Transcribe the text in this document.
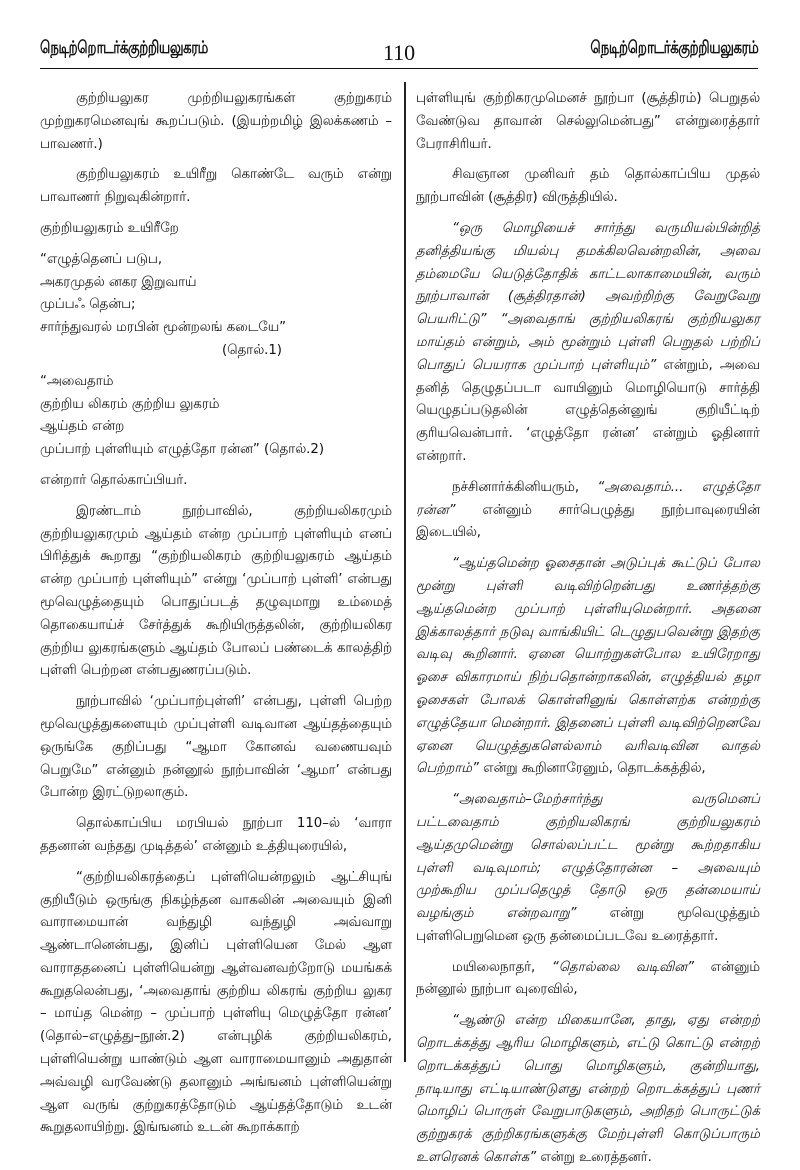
நெடிற்றொடர்க்குற்றியலுகரம்	110	நெடிற்றொடர்க்குற்றியலுகரம்

குற்றியலுகர முற்றியலுகரங்கள் குற்றுகரம் முற்றுகரமெனவுங் கூறப்படும். (இயற்றமிழ் இலக்கணம் – பாவணர்.)

குற்றியலுகரம் உயிரீறு கொண்டே வரும் என்று பாவாணர் நிறுவுகின்றார்.

குற்றியலுகரம் உயிரீறே

“எழுத்தெனப் படுப,

அகரமுதல் னகர இறுவாய்

முப்பஃ தென்ப;

சார்ந்துவரல் மரபின் மூன்றலங் கடையே”

(தொல்.1)

“அவைதாம்

குற்றிய லிகரம் குற்றிய லுகரம்

ஆய்தம் என்ற

முப்பாற் புள்ளியும் எழுத்தோ ரன்ன” (தொல்.2)

என்றார் தொல்காப்பியர்.

இரண்டாம் நூற்பாவில், குற்றியலிகரமும் குற்றியலுகரமும் ஆய்தம் என்ற முப்பாற் புள்ளியும் எனப் பிரித்துக் கூறாது “குற்றியலிகரம் குற்றியலுகரம் ஆய்தம் என்ற முப்பாற் புள்ளியும்” என்று ‘முப்பாற் புள்ளி’ என்பது மூவெழுத்தையும் பொதுப்படத் தழுவுமாறு உம்மைத் தொகையாய்ச் சேர்த்துக் கூறியிருத்தலின், குற்றியலிகர குற்றிய லுகரங்களும் ஆய்தம் போலப் பண்டைக் காலத்திற் புள்ளி பெற்றன என்பதுணரப்படும்.

நூற்பாவில் ‘முப்பாற்புள்ளி’ என்பது, புள்ளி பெற்ற மூவெழுத்துகளையும் முப்புள்ளி வடிவான ஆய்தத்தையும் ஒருங்கே குறிப்பது “ஆமா கோனவ் வணையவும் பெறுமே” என்னும் நன்னூல் நூற்பாவின் ‘ஆமா’ என்பது போன்ற இரட்டுறலாகும்.

தொல்காப்பிய மரபியல் நூற்பா 110–ல் ‘வாரா ததனான் வந்தது முடித்தல்’ என்னும் உத்தியுரையில்,

“குற்றியலிகரத்தைப் புள்ளியென்றலும் ஆட்சியுங் குறியீடும் ஒருங்கு நிகழ்ந்தன வாகலின் அவையும் இனி வாராமையான் வந்துழி வந்துழி அவ்வாறு ஆண்டானென்பது, இனிப் புள்ளியென மேல் ஆள வாராததனைப் புள்ளியென்று ஆள்வனவற்றோடு மயங்கக் கூறுதலென்பது, ‘அவைதாங் குற்றிய லிகரங் குற்றிய லுகர – மாய்த மென்ற – முப்பாற் புள்ளியு மெழுத்தோ ரன்ன’ (தொல்–எழுத்து–நூன்.2) என்புழிக் குற்றியலிகரம், புள்ளியென்று யாண்டும் ஆள வாராமையானும் அதுதான் அவ்வழி வரவேண்டு தலானும் அங்ஙனம் புள்ளியென்று ஆள வருங் குற்றுகரத்தோடும் ஆய்தத்தோடும் உடன் கூறுதலாயிற்று. இங்ஙனம் உடன் கூறாக்காற்

புள்ளியுங் குற்றிகரமுமெனச் நூற்பா (சூத்திரம்) பெறுதல் வேண்டுவ தாவான் செல்லுமென்பது” என்றுரைத்தார் பேராசிரியர்.

சிவஞான முனிவர் தம் தொல்காப்பிய முதல் நூற்பாவின் (சூத்திர) விருத்தியில்.

“ஒரு மொழியைச் சார்ந்து வருமியல்பின்றித் தனித்தியங்கு மியல்பு தமக்கிலவென்றலின், அவை தம்மையே யெடுத்தோதிக் காட்டலாகாமையின், வரும் நூற்பாவான் (சூத்திரதான்) அவற்றிற்கு வேறுவேறு பெயரிட்டு” “அவைதாங் குற்றியலிகரங் குற்றியலுகர மாய்தம் என்றும், அம் மூன்றும் புள்ளி பெறுதல் பற்றிப் பொதுப் பெயராக முப்பாற் புள்ளியும்” என்றும், அவை தனித் தெழுதப்படா வாயினும் மொழியொடு சார்த்தி யெழுதப்படுதலின் எழுத்தென்னுங் குறியீட்டிற் குரியவென்பார். ‘எழுத்தோ ரன்ன’ என்றும் ஓதினார் என்றார்.

நச்சினார்க்கினியரும், “அவைதாம்... எழுத்தோ ரன்ன” என்னும் சார்பெழுத்து நூற்பாவுரையின் இடையில்,

“ஆய்தமென்ற ஓசைதான் அடுப்புக் கூட்டுப் போல மூன்று புள்ளி வடிவிற்றென்பது உணர்த்தற்கு ஆய்தமென்ற முப்பாற் புள்ளியுமென்றார். அதனை இக்காலத்தார் நடுவு வாங்கியிட் டெழுதுபவென்று இதற்கு வடிவு கூறினார். ஏனை யொற்றுகள்போல உயிரேறாது ஓசை விகாரமாய் நிற்பதொன்றாகலின், எழுத்தியல் தழா ஓசைகள் போலக் கொள்ளினுங் கொள்ளற்க என்றற்கு எழுத்தேயா மென்றார். இதனைப் புள்ளி வடிவிற்றெனவே ஏனை யெழுத்துகளெல்லாம் வரிவடிவின வாதல் பெற்றாம்” என்று கூறினாரேனும், தொடக்கத்தில்,

“அவைதாம்–மேற்சார்ந்து வருமெனப் பட்டவைதாம் குற்றியலிகரங் குற்றியலுகரம் ஆய்தமுமென்று சொல்லப்பட்ட மூன்று கூற்றதாகிய புள்ளி வடிவுமாம்; எழுத்தோரன்ன – அவையும் முற்கூறிய முப்பதெழுத் தோடு ஒரு தன்மையாய் வழங்கும் என்றவாறு” என்று மூவெழுத்தும் புள்ளிபெறுமென ஒரு தன்மைப்படவே உரைத்தார்.

மயிலைநாதர், “தொல்லை வடிவின” என்னும் நன்னூல் நூற்பா வுரைவில்,

“ஆண்டு என்ற மிகையானே, தாது, ஏது என்றற் றொடக்கத்து ஆரிய மொழிகளும், எட்டு கொட்டு என்றற் றொடக்கத்துப் பொது மொழிகளும், குன்றியாது, நாடியாது எட்டியாண்டுளது என்றற் றொடக்கத்துப் புணர் மொழிப் பொருள் வேறுபாடுகளும், அறிதற் பொருட்டுக் குற்றுகரக் குற்றிகரங்களுக்கு மேற்புள்ளி கொடுப்பாரும் உளரெனக் கொள்க” என்று உரைத்தனர்.
